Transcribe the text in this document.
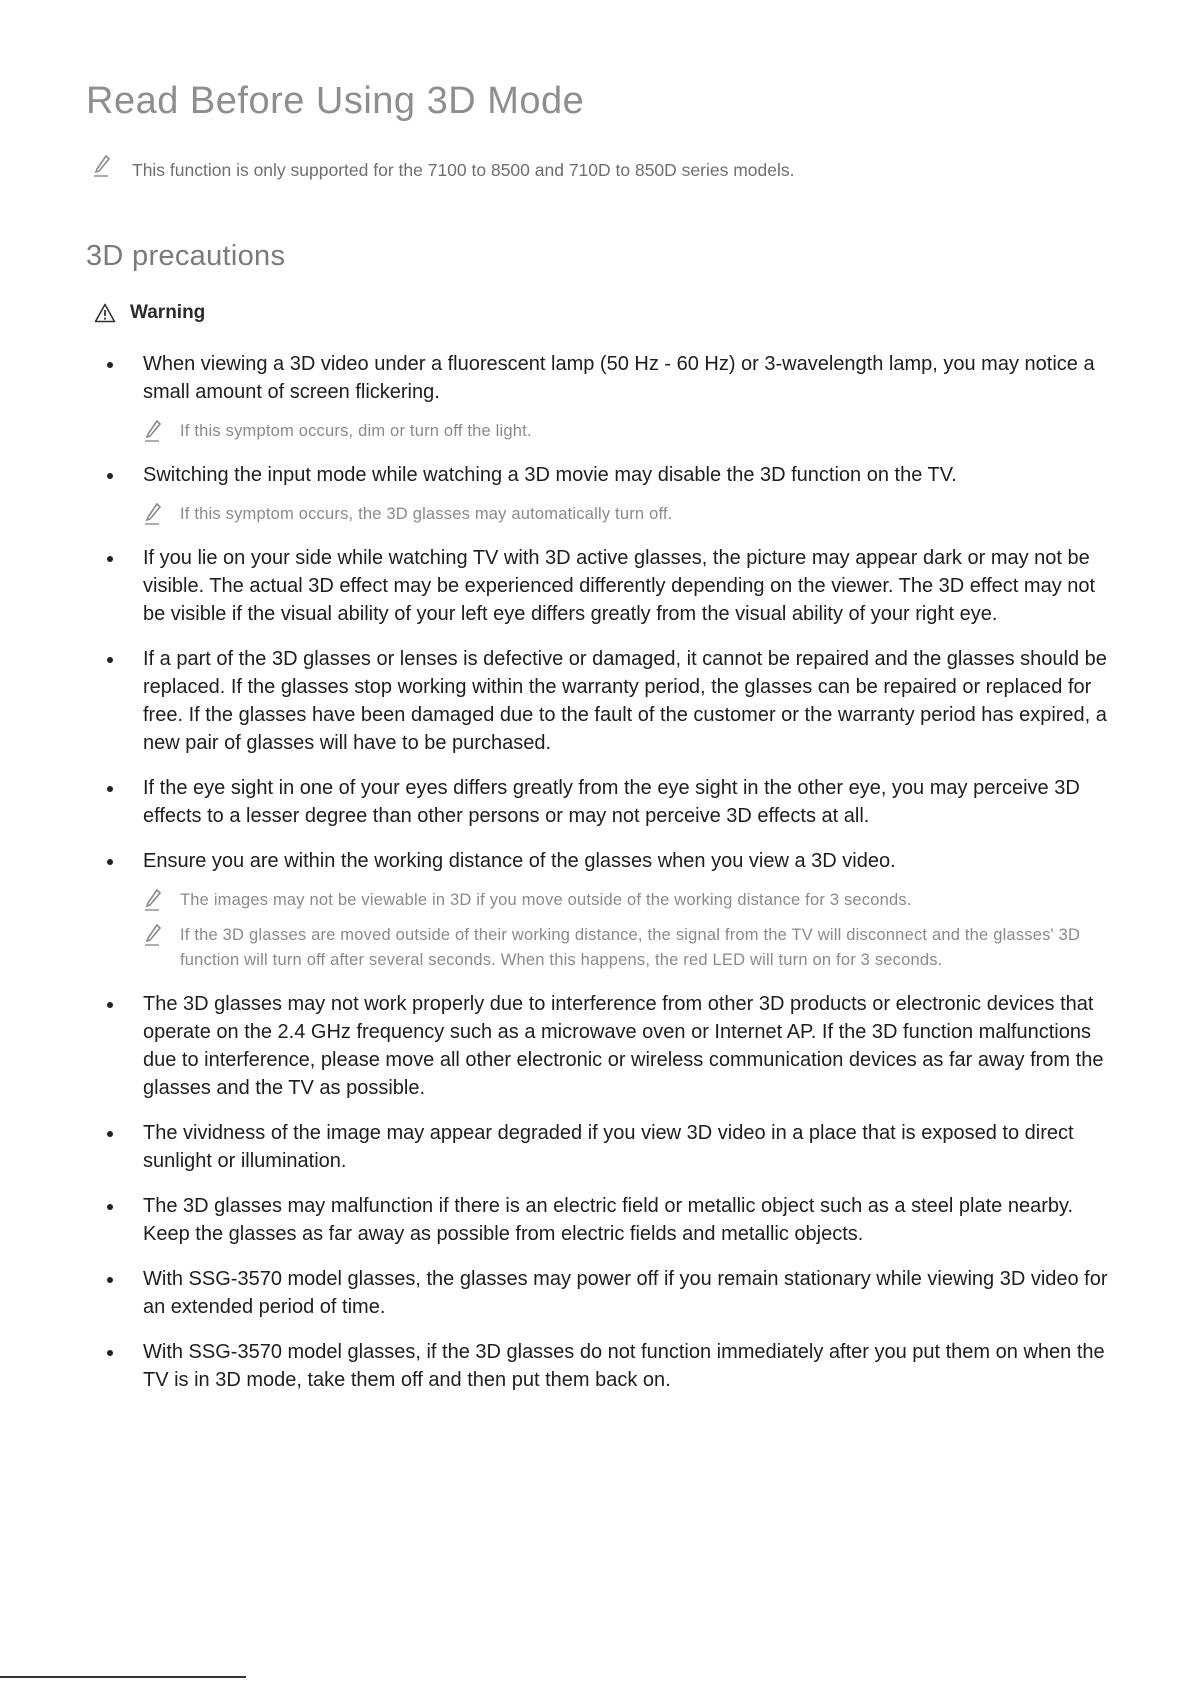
Read Before Using 3D Mode
This function is only supported for the 7100 to 8500 and 710D to 850D series models.
3D precautions
Warning
When viewing a 3D video under a fluorescent lamp (50 Hz - 60 Hz) or 3-wavelength lamp, you may notice a small amount of screen flickering.
If this symptom occurs, dim or turn off the light.
Switching the input mode while watching a 3D movie may disable the 3D function on the TV.
If this symptom occurs, the 3D glasses may automatically turn off.
If you lie on your side while watching TV with 3D active glasses, the picture may appear dark or may not be visible. The actual 3D effect may be experienced differently depending on the viewer. The 3D effect may not be visible if the visual ability of your left eye differs greatly from the visual ability of your right eye.
If a part of the 3D glasses or lenses is defective or damaged, it cannot be repaired and the glasses should be replaced. If the glasses stop working within the warranty period, the glasses can be repaired or replaced for free. If the glasses have been damaged due to the fault of the customer or the warranty period has expired, a new pair of glasses will have to be purchased.
If the eye sight in one of your eyes differs greatly from the eye sight in the other eye, you may perceive 3D effects to a lesser degree than other persons or may not perceive 3D effects at all.
Ensure you are within the working distance of the glasses when you view a 3D video.
The images may not be viewable in 3D if you move outside of the working distance for 3 seconds.
If the 3D glasses are moved outside of their working distance, the signal from the TV will disconnect and the glasses' 3D function will turn off after several seconds. When this happens, the red LED will turn on for 3 seconds.
The 3D glasses may not work properly due to interference from other 3D products or electronic devices that operate on the 2.4 GHz frequency such as a microwave oven or Internet AP. If the 3D function malfunctions due to interference, please move all other electronic or wireless communication devices as far away from the glasses and the TV as possible.
The vividness of the image may appear degraded if you view 3D video in a place that is exposed to direct sunlight or illumination.
The 3D glasses may malfunction if there is an electric field or metallic object such as a steel plate nearby. Keep the glasses as far away as possible from electric fields and metallic objects.
With SSG-3570 model glasses, the glasses may power off if you remain stationary while viewing 3D video for an extended period of time.
With SSG-3570 model glasses, if the 3D glasses do not function immediately after you put them on when the TV is in 3D mode, take them off and then put them back on.
